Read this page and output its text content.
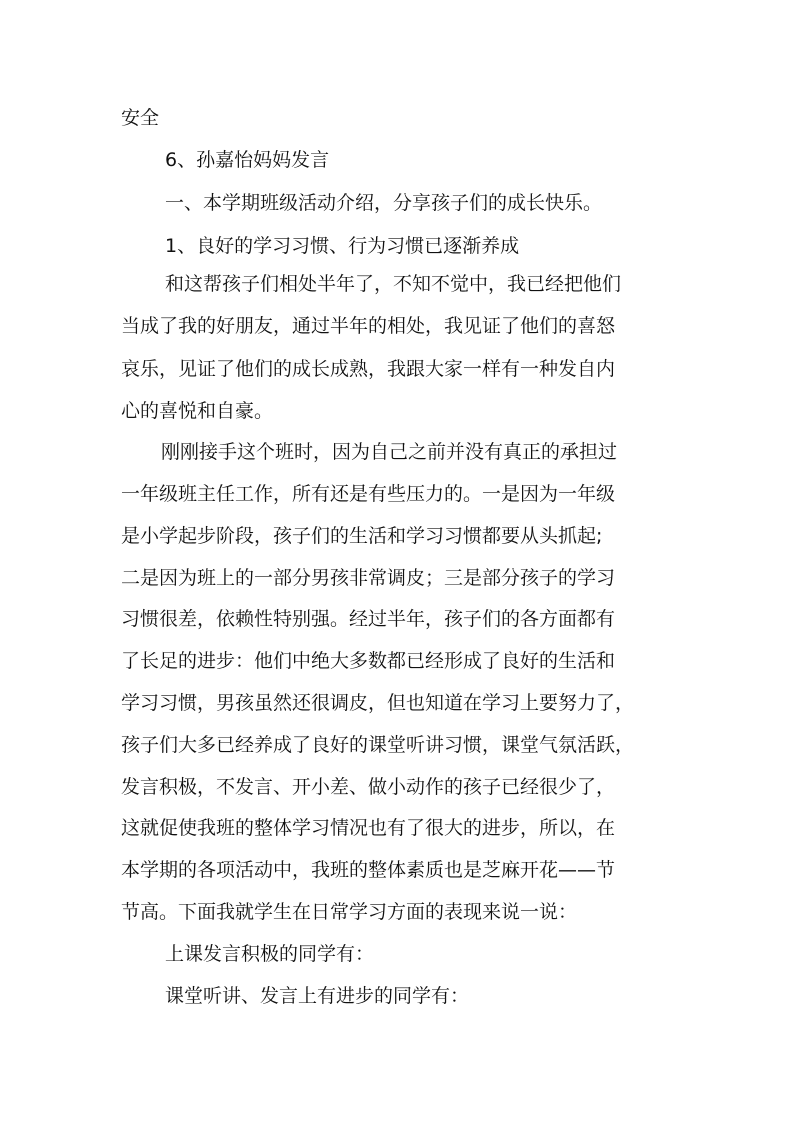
安全
6、孙嘉怡妈妈发言
一、本学期班级活动介绍，分享孩子们的成长快乐。
1、良好的学习习惯、行为习惯已逐渐养成
和这帮孩子们相处半年了，不知不觉中，我已经把他们
当成了我的好朋友，通过半年的相处，我见证了他们的喜怒
哀乐，见证了他们的成长成熟，我跟大家一样有一种发自内
心的喜悦和自豪。
刚刚接手这个班时，因为自己之前并没有真正的承担过
一年级班主任工作，所有还是有些压力的。一是因为一年级
是小学起步阶段，孩子们的生活和学习习惯都要从头抓起;
二是因为班上的一部分男孩非常调皮；三是部分孩子的学习
习惯很差，依赖性特别强。经过半年，孩子们的各方面都有
了长足的进步：他们中绝大多数都已经形成了良好的生活和
学习习惯，男孩虽然还很调皮，但也知道在学习上要努力了，
孩子们大多已经养成了良好的课堂听讲习惯，课堂气氛活跃，
发言积极，不发言、开小差、做小动作的孩子已经很少了，
这就促使我班的整体学习情况也有了很大的进步，所以，在
本学期的各项活动中，我班的整体素质也是芝麻开花——节
节高。下面我就学生在日常学习方面的表现来说一说：
上课发言积极的同学有：
课堂听讲、发言上有进步的同学有：
